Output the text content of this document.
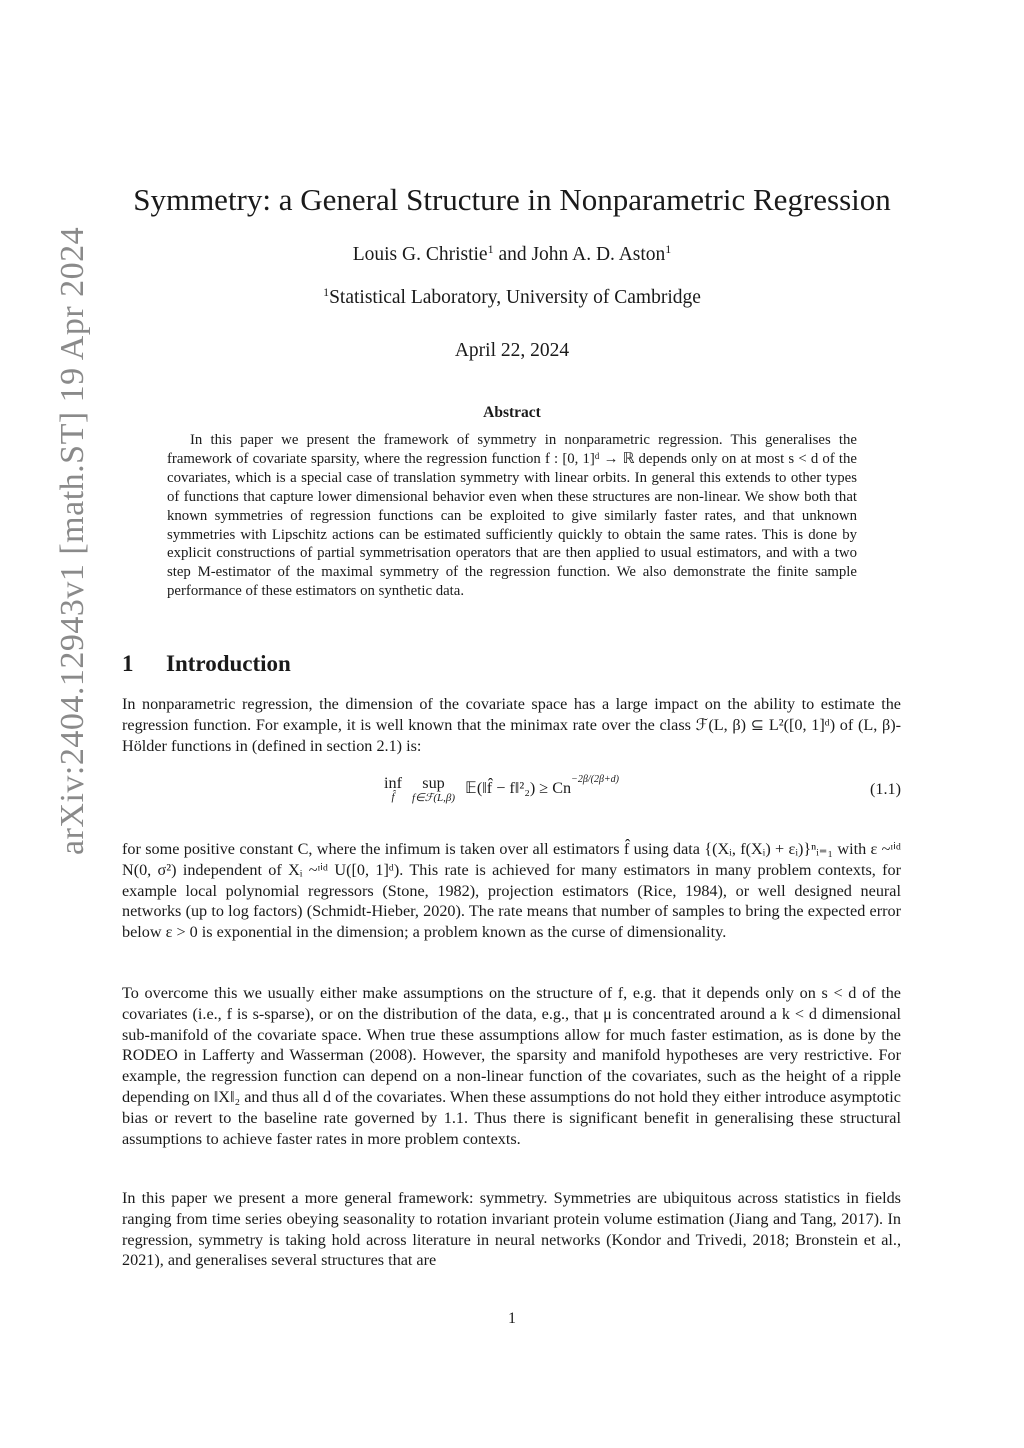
arXiv:2404.12943v1 [math.ST] 19 Apr 2024
Symmetry: a General Structure in Nonparametric Regression
Louis G. Christie$^1$ and John A. D. Aston$^1$
$^1$Statistical Laboratory, University of Cambridge
April 22, 2024
Abstract
In this paper we present the framework of symmetry in nonparametric regression. This generalises the framework of covariate sparsity, where the regression function f : [0, 1]ᵈ → ℝ depends only on at most s < d of the covariates, which is a special case of translation symmetry with linear orbits. In general this extends to other types of functions that capture lower dimensional behavior even when these structures are non-linear. We show both that known symmetries of regression functions can be exploited to give similarly faster rates, and that unknown symmetries with Lipschitz actions can be estimated sufficiently quickly to obtain the same rates. This is done by explicit constructions of partial symmetrisation operators that are then applied to usual estimators, and with a two step M-estimator of the maximal symmetry of the regression function. We also demonstrate the finite sample performance of these estimators on synthetic data.
1 Introduction
In nonparametric regression, the dimension of the covariate space has a large impact on the ability to estimate the regression function. For example, it is well known that the minimax rate over the class ℱ(L, β) ⊆ L²([0, 1]ᵈ) of (L, β)-Hölder functions in (defined in section 2.1) is:
inf
f̂
sup
f∈ℱ(L,β)
𝔼(‖f̂ − f‖²₂) ≥ $Cn^{-2\beta/(2\beta+d)}$
(1.1)
for some positive constant C, where the infimum is taken over all estimators f̂ using data {(Xᵢ, f(Xᵢ) + εᵢ)}ⁿᵢ₌₁ with ε ~ᶦⁱᵈ N(0, σ²) independent of Xᵢ ~ᶦⁱᵈ U([0, 1]ᵈ). This rate is achieved for many estimators in many problem contexts, for example local polynomial regressors (Stone, 1982), projection estimators (Rice, 1984), or well designed neural networks (up to log factors) (Schmidt-Hieber, 2020). The rate means that number of samples to bring the expected error below ε > 0 is exponential in the dimension; a problem known as the curse of dimensionality.
To overcome this we usually either make assumptions on the structure of f, e.g. that it depends only on s < d of the covariates (i.e., f is s-sparse), or on the distribution of the data, e.g., that μ is concentrated around a k < d dimensional sub-manifold of the covariate space. When true these assumptions allow for much faster estimation, as is done by the RODEO in Lafferty and Wasserman (2008). However, the sparsity and manifold hypotheses are very restrictive. For example, the regression function can depend on a non-linear function of the covariates, such as the height of a ripple depending on ‖X‖₂ and thus all d of the covariates. When these assumptions do not hold they either introduce asymptotic bias or revert to the baseline rate governed by 1.1. Thus there is significant benefit in generalising these structural assumptions to achieve faster rates in more problem contexts.
In this paper we present a more general framework: symmetry. Symmetries are ubiquitous across statistics in fields ranging from time series obeying seasonality to rotation invariant protein volume estimation (Jiang and Tang, 2017). In regression, symmetry is taking hold across literature in neural networks (Kondor and Trivedi, 2018; Bronstein et al., 2021), and generalises several structures that are
1
